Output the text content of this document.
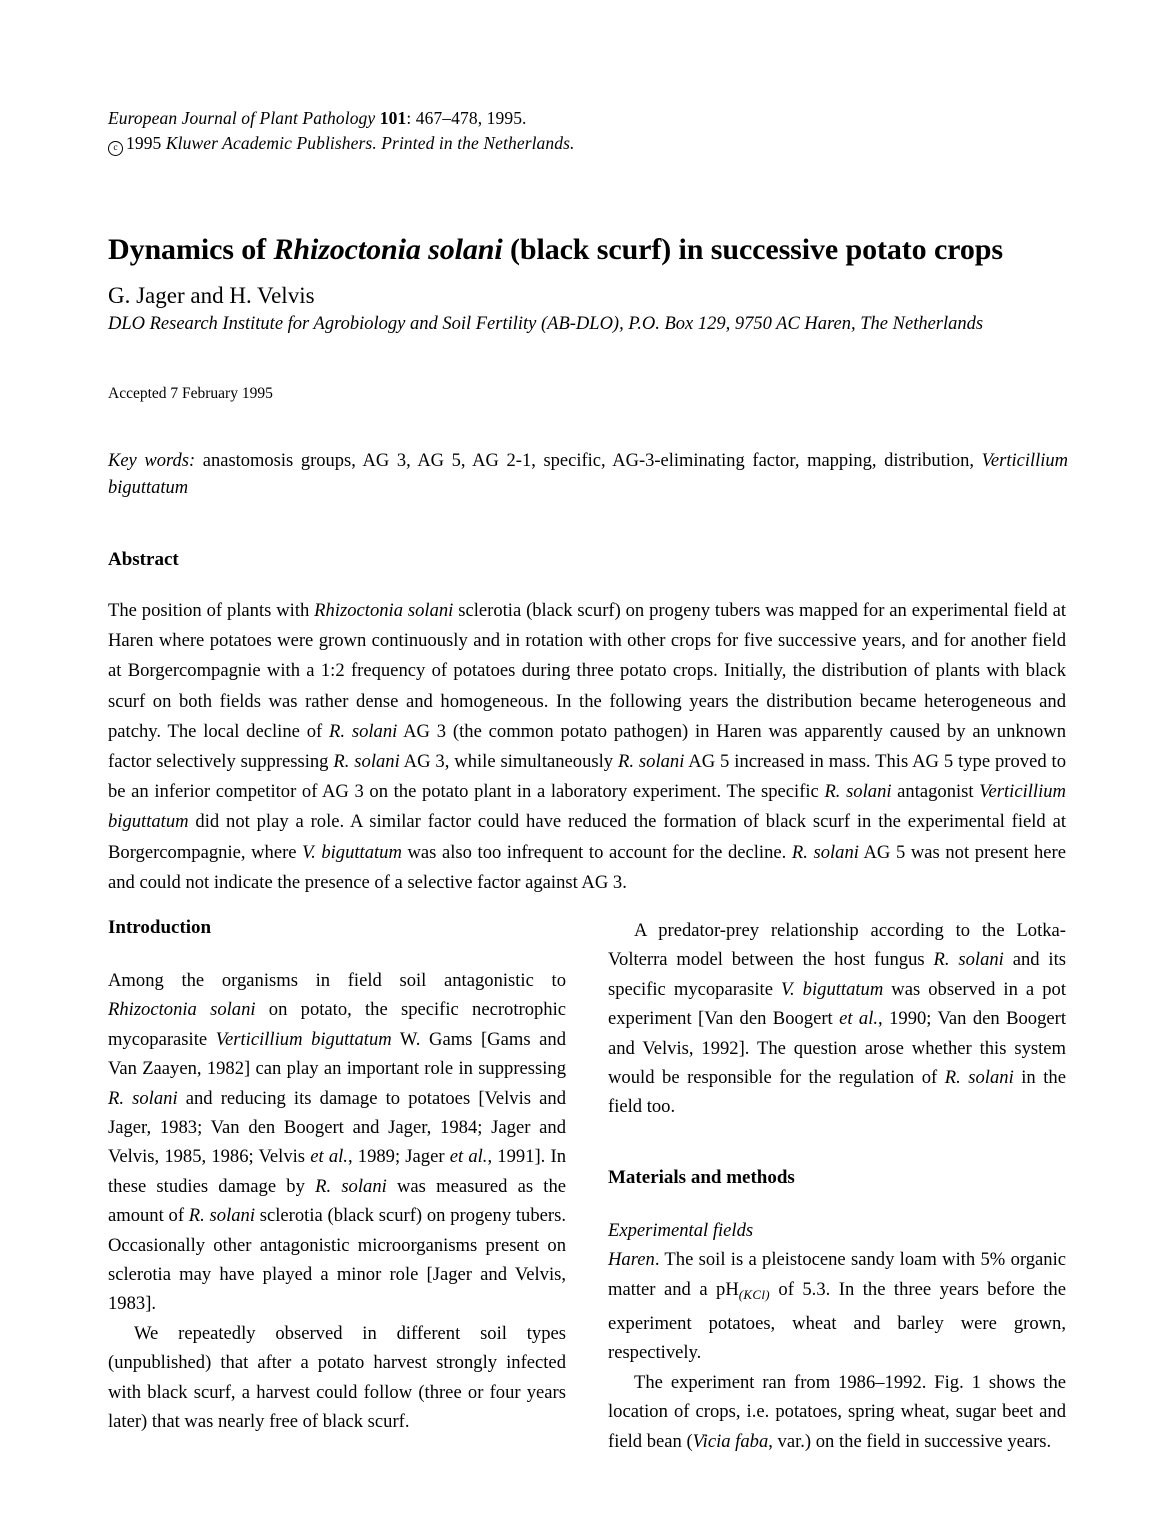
European Journal of Plant Pathology 101: 467–478, 1995.
c 1995 Kluwer Academic Publishers. Printed in the Netherlands.
Dynamics of Rhizoctonia solani (black scurf) in successive potato crops
G. Jager and H. Velvis
DLO Research Institute for Agrobiology and Soil Fertility (AB-DLO), P.O. Box 129, 9750 AC Haren, The Netherlands
Accepted 7 February 1995
Key words: anastomosis groups, AG 3, AG 5, AG 2-1, specific, AG-3-eliminating factor, mapping, distribution, Verticillium biguttatum
Abstract
The position of plants with Rhizoctonia solani sclerotia (black scurf) on progeny tubers was mapped for an experimental field at Haren where potatoes were grown continuously and in rotation with other crops for five successive years, and for another field at Borgercompagnie with a 1:2 frequency of potatoes during three potato crops. Initially, the distribution of plants with black scurf on both fields was rather dense and homogeneous. In the following years the distribution became heterogeneous and patchy. The local decline of R. solani AG 3 (the common potato pathogen) in Haren was apparently caused by an unknown factor selectively suppressing R. solani AG 3, while simultaneously R. solani AG 5 increased in mass. This AG 5 type proved to be an inferior competitor of AG 3 on the potato plant in a laboratory experiment. The specific R. solani antagonist Verticillium biguttatum did not play a role. A similar factor could have reduced the formation of black scurf in the experimental field at Borgercompagnie, where V. biguttatum was also too infrequent to account for the decline. R. solani AG 5 was not present here and could not indicate the presence of a selective factor against AG 3.
Introduction

Among the organisms in field soil antagonistic to Rhizoctonia solani on potato, the specific necrotrophic mycoparasite Verticillium biguttatum W. Gams [Gams and Van Zaayen, 1982] can play an important role in suppressing R. solani and reducing its damage to potatoes [Velvis and Jager, 1983; Van den Boogert and Jager, 1984; Jager and Velvis, 1985, 1986; Velvis et al., 1989; Jager et al., 1991]. In these studies damage by R. solani was measured as the amount of R. solani sclerotia (black scurf) on progeny tubers. Occasionally other antagonistic microorganisms present on sclerotia may have played a minor role [Jager and Velvis, 1983].

We repeatedly observed in different soil types (unpublished) that after a potato harvest strongly infected with black scurf, a harvest could follow (three or four years later) that was nearly free of black scurf.

A predator-prey relationship according to the Lotka-Volterra model between the host fungus R. solani and its specific mycoparasite V. biguttatum was observed in a pot experiment [Van den Boogert et al., 1990; Van den Boogert and Velvis, 1992]. The question arose whether this system would be responsible for the regulation of R. solani in the field too.

Materials and methods
Experimental fields

Haren. The soil is a pleistocene sandy loam with 5% organic matter and a $pH_{(KCl)}$ of 5.3. In the three years before the experiment potatoes, wheat and barley were grown, respectively.

The experiment ran from 1986–1992. Fig. 1 shows the location of crops, i.e. potatoes, spring wheat, sugar beet and field bean (Vicia faba, var.) on the field in successive years.
